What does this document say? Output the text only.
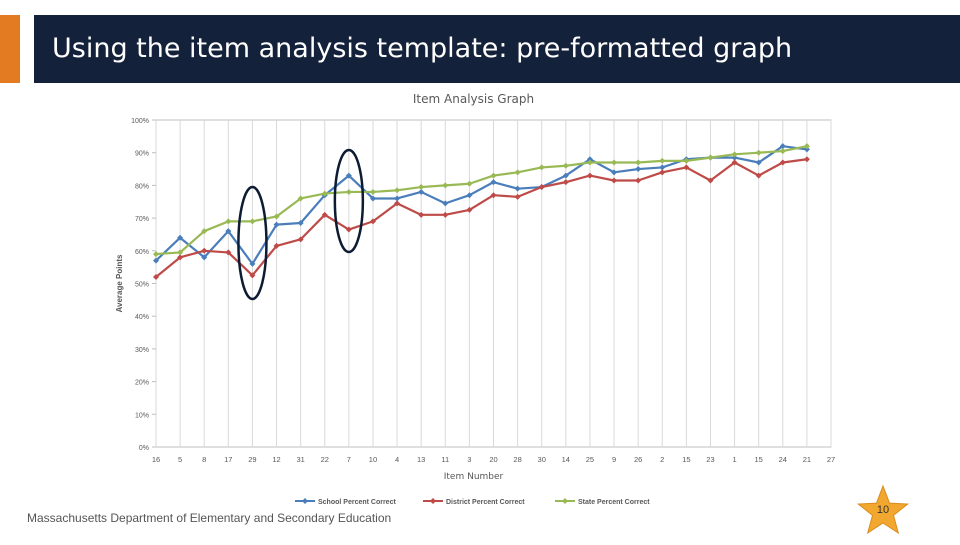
Using the item analysis template: pre-formatted graph
0%
10%
20%
30%
40%
50%
60%
70%
80%
90%
100%
16 5	8 17 29 12 31 22 7 10 4 13 11 3 20 28 30 14 25 9 26 2 15 23 1 15 24 21 27
Item Analysis Graph
Item Number
Average Points
School Percent Correct	District Percent Correct	State Percent Correct
Massachusetts Department of Elementary and Secondary Education
10
